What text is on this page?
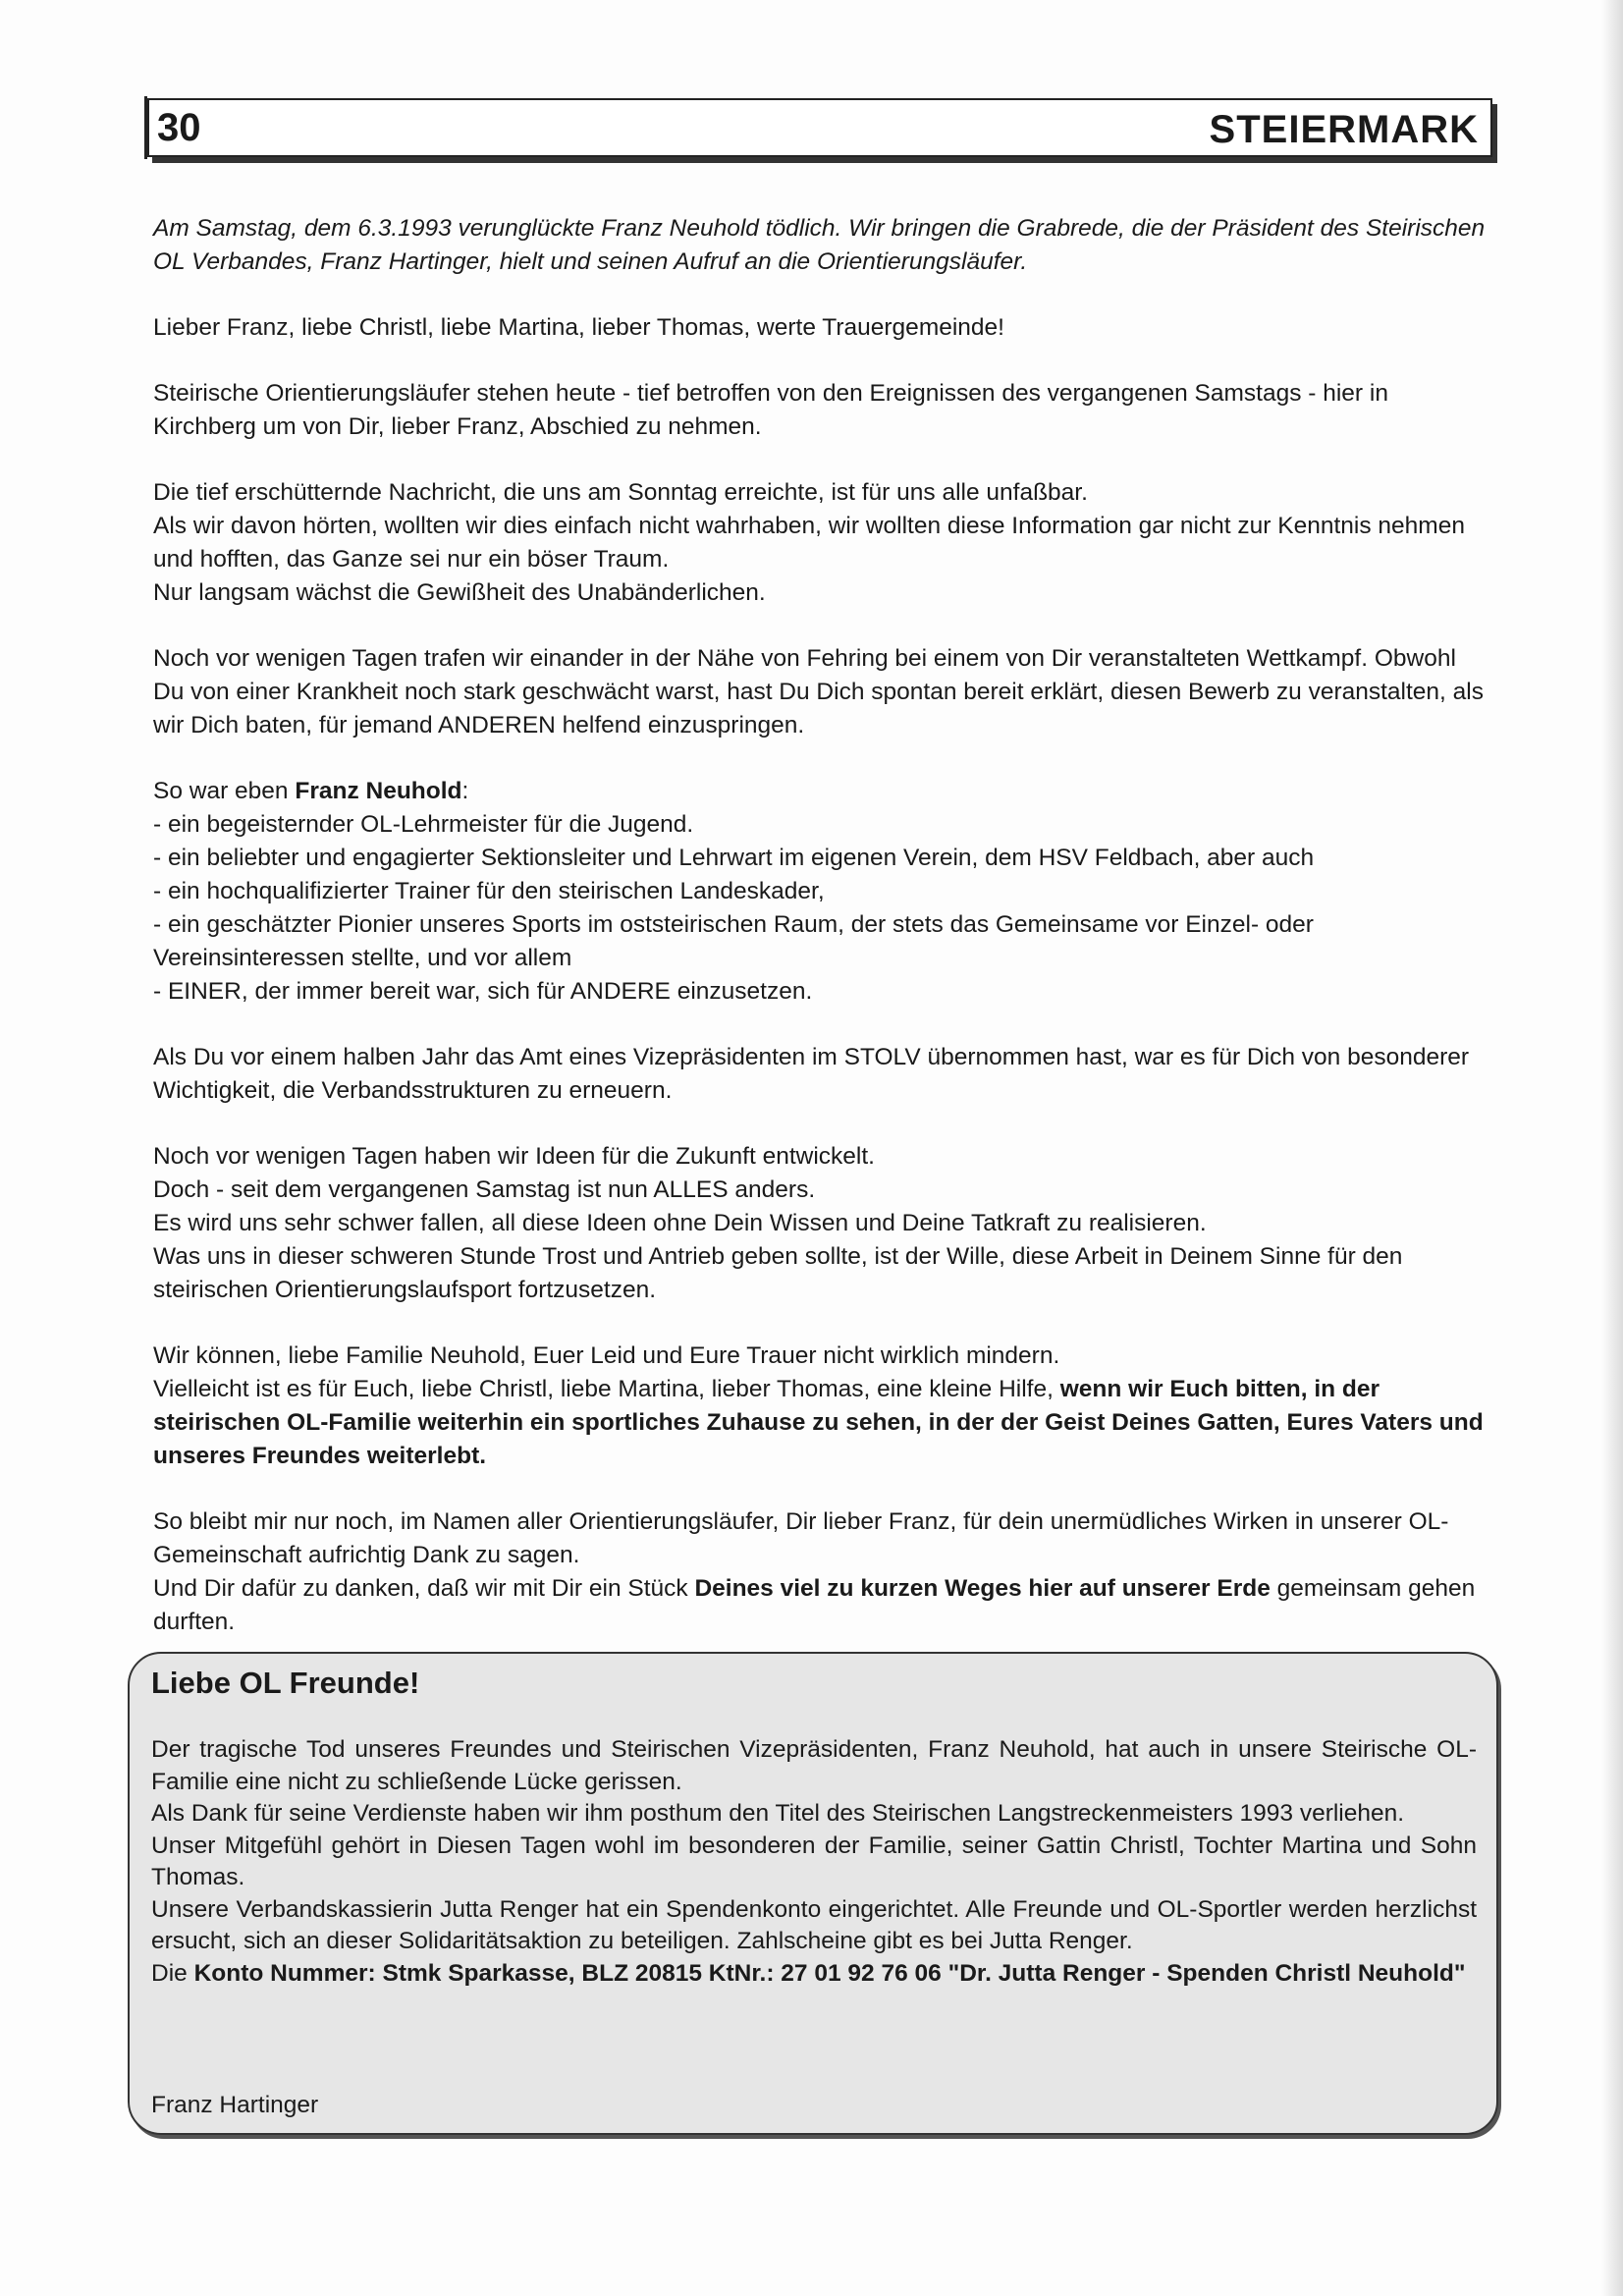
30	STEIERMARK

Am Samstag, dem 6.3.1993 verunglückte Franz Neuhold tödlich. Wir bringen die Grabrede, die der Präsident des Steirischen OL Verbandes, Franz Hartinger, hielt und seinen Aufruf an die Orientierungsläufer.

Lieber Franz, liebe Christl, liebe Martina, lieber Thomas, werte Trauergemeinde!

Steirische Orientierungsläufer stehen heute - tief betroffen von den Ereignissen des vergangenen Samstags - hier in Kirchberg um von Dir, lieber Franz, Abschied zu nehmen.

Die tief erschütternde Nachricht, die uns am Sonntag erreichte, ist für uns alle unfaßbar.
Als wir davon hörten, wollten wir dies einfach nicht wahrhaben, wir wollten diese Information gar nicht zur Kenntnis nehmen und hofften, das Ganze sei nur ein böser Traum.
Nur langsam wächst die Gewißheit des Unabänderlichen.

Noch vor wenigen Tagen trafen wir einander in der Nähe von Fehring bei einem von Dir veranstalteten Wettkampf. Obwohl Du von einer Krankheit noch stark geschwächt warst, hast Du Dich spontan bereit erklärt, diesen Bewerb zu veranstalten, als wir Dich baten, für jemand ANDEREN helfend einzuspringen.

So war eben Franz Neuhold:
- ein begeisternder OL-Lehrmeister für die Jugend.
- ein beliebter und engagierter Sektionsleiter und Lehrwart im eigenen Verein, dem HSV Feldbach, aber auch
- ein hochqualifizierter Trainer für den steirischen Landeskader,
- ein geschätzter Pionier unseres Sports im oststeirischen Raum, der stets das Gemeinsame vor Einzel- oder Vereinsinteressen stellte, und vor allem
- EINER, der immer bereit war, sich für ANDERE einzusetzen.

Als Du vor einem halben Jahr das Amt eines Vizepräsidenten im STOLV übernommen hast, war es für Dich von besonderer Wichtigkeit, die Verbandsstrukturen zu erneuern.

Noch vor wenigen Tagen haben wir Ideen für die Zukunft entwickelt.
Doch - seit dem vergangenen Samstag ist nun ALLES anders.
Es wird uns sehr schwer fallen, all diese Ideen ohne Dein Wissen und Deine Tatkraft zu realisieren.
Was uns in dieser schweren Stunde Trost und Antrieb geben sollte, ist der Wille, diese Arbeit in Deinem Sinne für den steirischen Orientierungslaufsport fortzusetzen.

Wir können, liebe Familie Neuhold, Euer Leid und Eure Trauer nicht wirklich mindern.
Vielleicht ist es für Euch, liebe Christl, liebe Martina, lieber Thomas, eine kleine Hilfe, wenn wir Euch bitten, in der steirischen OL-Familie weiterhin ein sportliches Zuhause zu sehen, in der der Geist Deines Gatten, Eures Vaters und unseres Freundes weiterlebt.

So bleibt mir nur noch, im Namen aller Orientierungsläufer, Dir lieber Franz, für dein unermüdliches Wirken in unserer OL-Gemeinschaft aufrichtig Dank zu sagen.
Und Dir dafür zu danken, daß wir mit Dir ein Stück Deines viel zu kurzen Weges hier auf unserer Erde gemeinsam gehen durften.

Liebe OL Freunde!
Der tragische Tod unseres Freundes und Steirischen Vizepräsidenten, Franz Neuhold, hat auch in unsere Steirische OL-Familie eine nicht zu schließende Lücke gerissen.
Als Dank für seine Verdienste haben wir ihm posthum den Titel des Steirischen Langstreckenmeisters 1993 verliehen.
Unser Mitgefühl gehört in Diesen Tagen wohl im besonderen der Familie, seiner Gattin Christl, Tochter Martina und Sohn Thomas.
Unsere Verbandskassierin Jutta Renger hat ein Spendenkonto eingerichtet. Alle Freunde und OL-Sportler werden herzlichst ersucht, sich an dieser Solidaritätsaktion zu beteiligen. Zahlscheine gibt es bei Jutta Renger.
Die Konto Nummer: Stmk Sparkasse, BLZ 20815 KtNr.: 27 01 92 76 06 "Dr. Jutta Renger - Spenden Christl Neuhold"
Franz Hartinger
